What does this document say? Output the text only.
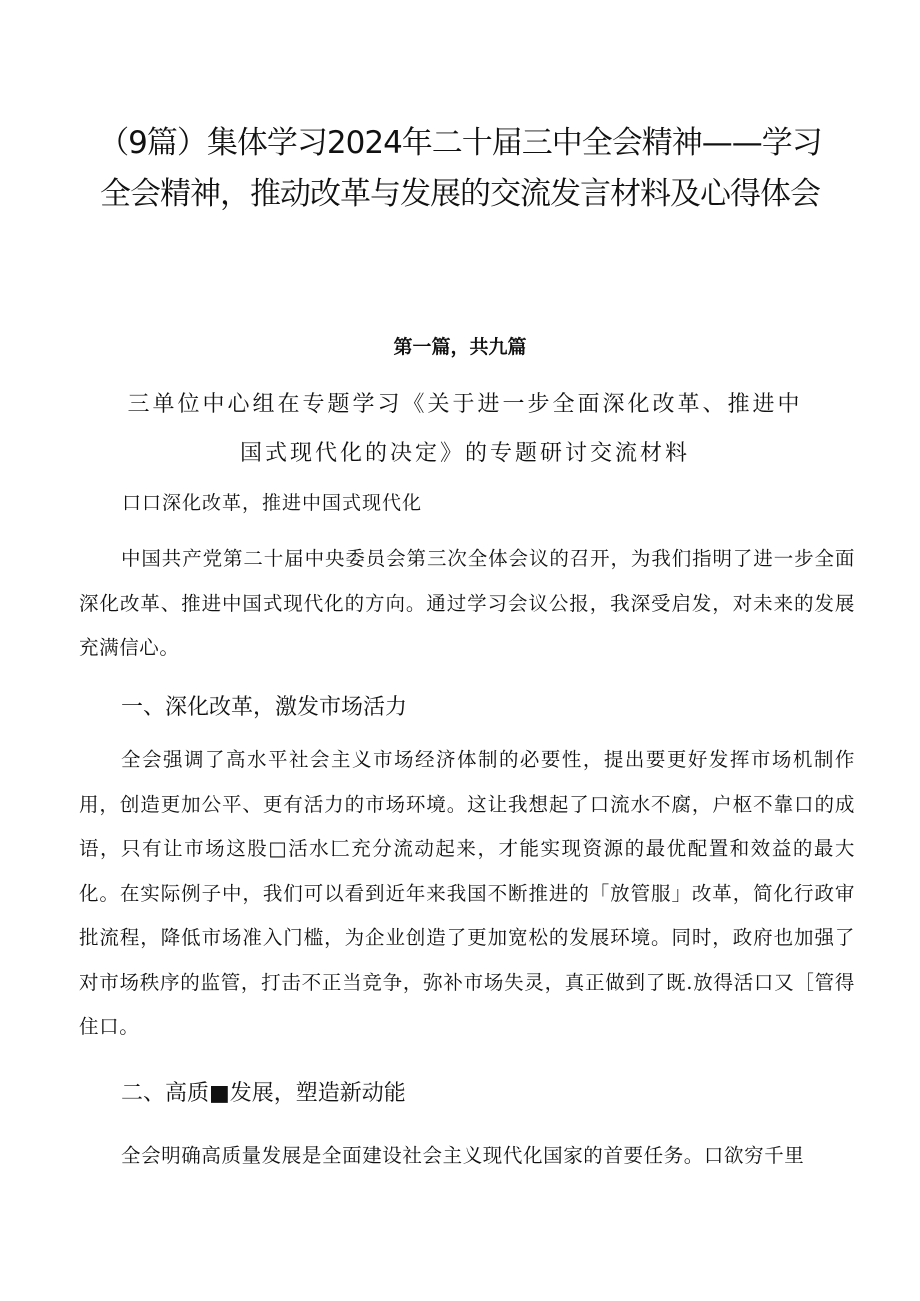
（9篇）集体学习2024年二十届三中全会精神——学习全会精神，推动改革与发展的交流发言材料及心得体会
第一篇，共九篇
三单位中心组在专题学习《关于进一步全面深化改革、推进中国式现代化的决定》的专题研讨交流材料
口口深化改革，推进中国式现代化
中国共产党第二十届中央委员会第三次全体会议的召开，为我们指明了进一步全面深化改革、推进中国式现代化的方向。通过学习会议公报，我深受启发，对未来的发展充满信心。
一、深化改革，激发市场活力
全会强调了高水平社会主义市场经济体制的必要性，提出要更好发挥市场机制作用，创造更加公平、更有活力的市场环境。这让我想起了口流水不腐，户枢不靠口的成语，只有让市场这股□活水匚充分流动起来，才能实现资源的最优配置和效益的最大化。在实际例子中，我们可以看到近年来我国不断推进的「放管服」改革，简化行政审批流程，降低市场准入门槛，为企业创造了更加宽松的发展环境。同时，政府也加强了对市场秩序的监管，打击不正当竞争，弥补市场失灵，真正做到了既.放得活口又［管得住口。
二、高质■发展，塑造新动能
全会明确高质量发展是全面建设社会主义现代化国家的首要任务。口欲穷千里
